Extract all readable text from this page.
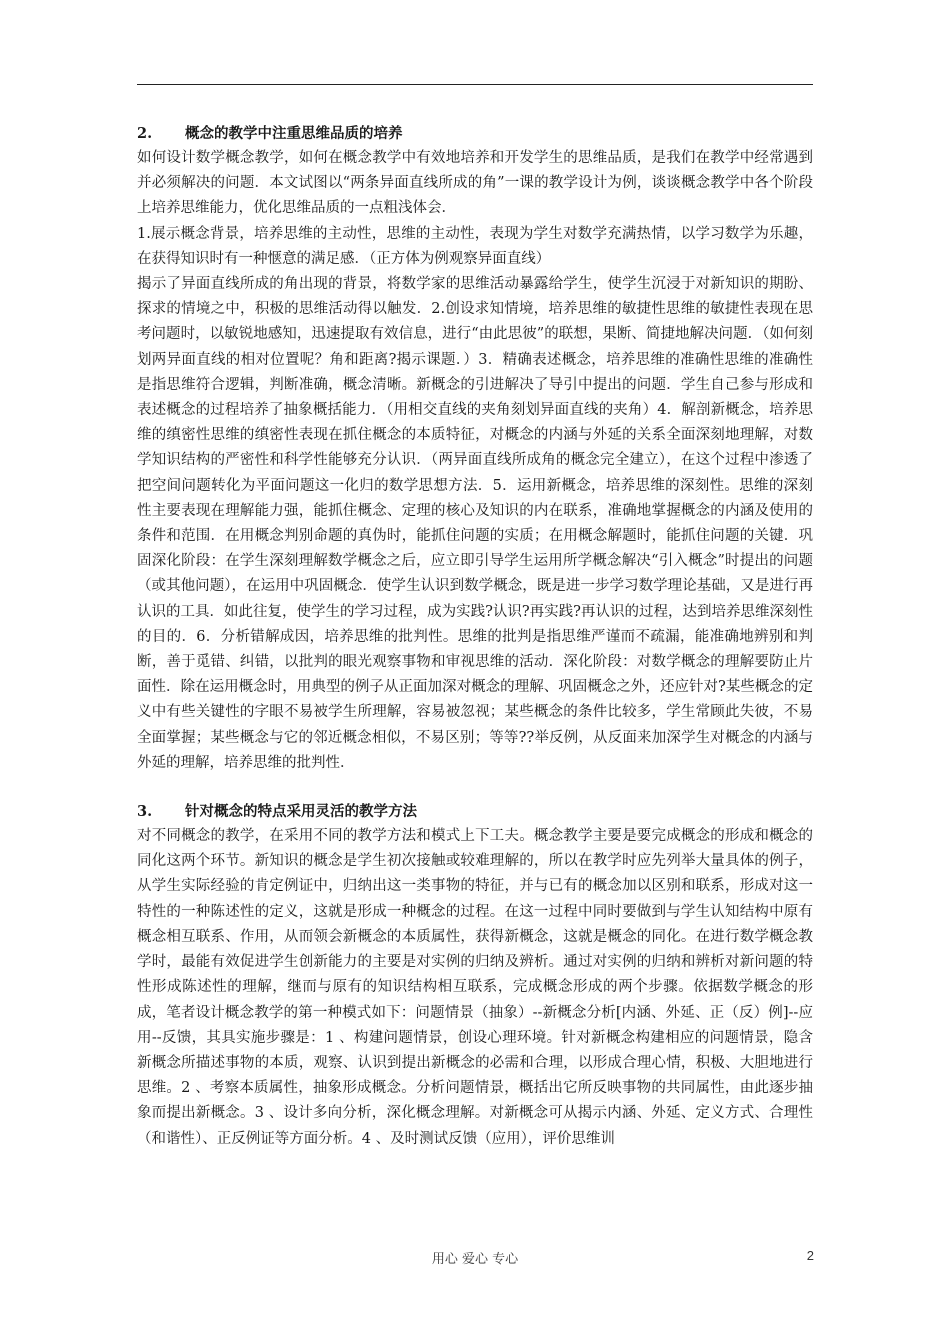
2. 概念的教学中注重思维品质的培养

如何设计数学概念教学，如何在概念教学中有效地培养和开发学生的思维品质，是我们在教学中经常遇到并必须解决的问题．本文试图以“两条异面直线所成的角”一课的教学设计为例，谈谈概念教学中各个阶段上培养思维能力，优化思维品质的一点粗浅体会．

1.展示概念背景，培养思维的主动性，思维的主动性，表现为学生对数学充满热情，以学习数学为乐趣，在获得知识时有一种惬意的满足感．（正方体为例观察异面直线）

揭示了异面直线所成的角出现的背景，将数学家的思维活动暴露给学生，使学生沉浸于对新知识的期盼、探求的情境之中，积极的思维活动得以触发．2.创设求知情境，培养思维的敏捷性思维的敏捷性表现在思考问题时，以敏锐地感知，迅速提取有效信息，进行“由此思彼”的联想，果断、简捷地解决问题．（如何刻划两异面直线的相对位置呢？角和距离?揭示课题．）3．精确表述概念，培养思维的准确性思维的准确性是指思维符合逻辑，判断准确，概念清晰。新概念的引进解决了导引中提出的问题．学生自己参与形成和表述概念的过程培养了抽象概括能力．（用相交直线的夹角刻划异面直线的夹角）4．解剖新概念，培养思维的缜密性思维的缜密性表现在抓住概念的本质特征，对概念的内涵与外延的关系全面深刻地理解，对数学知识结构的严密性和科学性能够充分认识．（两异面直线所成角的概念完全建立），在这个过程中渗透了把空间问题转化为平面问题这一化归的数学思想方法．5．运用新概念，培养思维的深刻性。思维的深刻性主要表现在理解能力强，能抓住概念、定理的核心及知识的内在联系，准确地掌握概念的内涵及使用的条件和范围．在用概念判别命题的真伪时，能抓住问题的实质；在用概念解题时，能抓住问题的关键．巩固深化阶段：在学生深刻理解数学概念之后，应立即引导学生运用所学概念解决“引入概念”时提出的问题（或其他问题），在运用中巩固概念．使学生认识到数学概念，既是进一步学习数学理论基础，又是进行再认识的工具．如此往复，使学生的学习过程，成为实践?认识?再实践?再认识的过程，达到培养思维深刻性的目的．6．分析错解成因，培养思维的批判性。思维的批判是指思维严谨而不疏漏，能准确地辨别和判断，善于觅错、纠错，以批判的眼光观察事物和审视思维的活动．深化阶段：对数学概念的理解要防止片面性．除在运用概念时，用典型的例子从正面加深对概念的理解、巩固概念之外，还应针对?某些概念的定义中有些关键性的字眼不易被学生所理解，容易被忽视；某些概念的条件比较多，学生常顾此失彼，不易全面掌握；某些概念与它的邻近概念相似，不易区别；等等??举反例，从反面来加深学生对概念的内涵与外延的理解，培养思维的批判性．

3. 针对概念的特点采用灵活的教学方法

对不同概念的教学，在采用不同的教学方法和模式上下工夫。概念教学主要是要完成概念的形成和概念的同化这两个环节。新知识的概念是学生初次接触或较难理解的，所以在教学时应先列举大量具体的例子，从学生实际经验的肯定例证中，归纳出这一类事物的特征，并与已有的概念加以区别和联系，形成对这一特性的一种陈述性的定义，这就是形成一种概念的过程。在这一过程中同时要做到与学生认知结构中原有概念相互联系、作用，从而领会新概念的本质属性，获得新概念，这就是概念的同化。在进行数学概念教学时，最能有效促进学生创新能力的主要是对实例的归纳及辨析。通过对实例的归纳和辨析对新问题的特性形成陈述性的理解，继而与原有的知识结构相互联系，完成概念形成的两个步骤。依据数学概念的形成，笔者设计概念教学的第一种模式如下：问题情景（抽象）--新概念分析[内涵、外延、正（反）例]--应用--反馈，其具实施步骤是：1 、构建问题情景，创设心理环境。针对新概念构建相应的问题情景，隐含新概念所描述事物的本质，观察、认识到提出新概念的必需和合理，以形成合理心情，积极、大胆地进行思维。2 、考察本质属性，抽象形成概念。分析问题情景，概括出它所反映事物的共同属性，由此逐步抽象而提出新概念。3 、设计多向分析，深化概念理解。对新概念可从揭示内涵、外延、定义方式、合理性（和谐性）、正反例证等方面分析。4 、及时测试反馈（应用），评价思维训

用心 爱心 专心	2
